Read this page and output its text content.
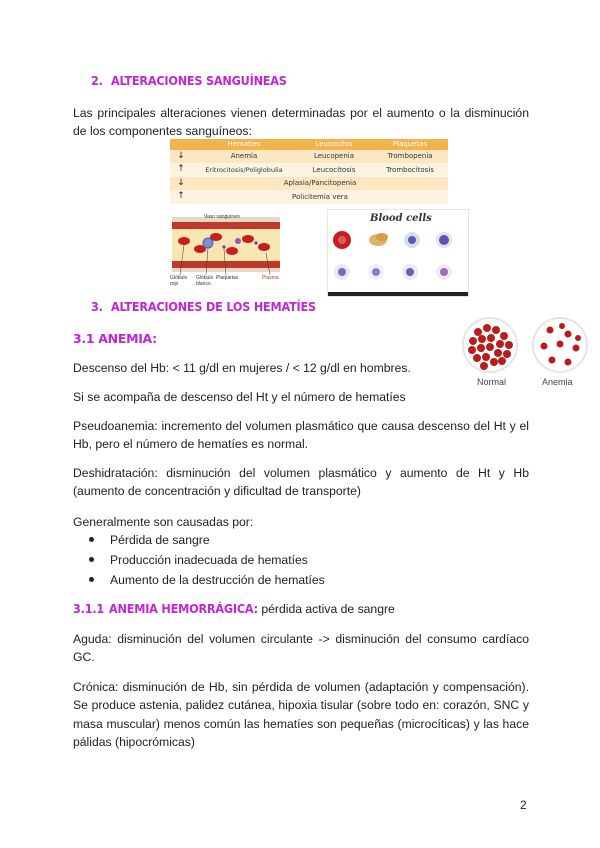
2. ALTERACIONES SANGUÍNEAS
Las principales alteraciones vienen determinadas por el aumento o la disminución de los componentes sanguíneos:
	Hematíes	Leucocitos	Plaquetas
↓	Anemia	Leucopenia	Trombopenia
↑	Eritrocitosis/Poliglobulia	Leucocitosis	Trombocitosis
↓	Aplasia/Pancitopenia		
↑	Policitemia vera		
Vaso sanguíneo
Glóbulo rojo
Plaquetas
Glóbulo blanco
Plasma
Blood cells
3. ALTERACIONES DE LOS HEMATÍES
3.1 ANEMIA:
Normal	Anemia
Descenso del Hb: < 11 g/dl en mujeres / < 12 g/dl en hombres.
Si se acompaña de descenso del Ht y el número de hematíes
Pseudoanemia: incremento del volumen plasmático que causa descenso del Ht y el Hb, pero el número de hematíes es normal.
Deshidratación: disminución del volumen plasmático y aumento de Ht y Hb (aumento de concentración y dificultad de transporte)
Generalmente son causadas por:
Pérdida de sangre
Producción inadecuada de hematíes
Aumento de la destrucción de hematíes
3.1.1 ANEMIA HEMORRÁGICA: pérdida activa de sangre
Aguda: disminución del volumen circulante -> disminución del consumo cardíaco GC.
Crónica: disminución de Hb, sin pérdida de volumen (adaptación y compensación). Se produce astenia, palidez cutánea, hipoxia tisular (sobre todo en: corazón, SNC y masa muscular) menos común las hematíes son pequeñas (microcíticas) y las hace pálidas (hipocrómicas)
2
